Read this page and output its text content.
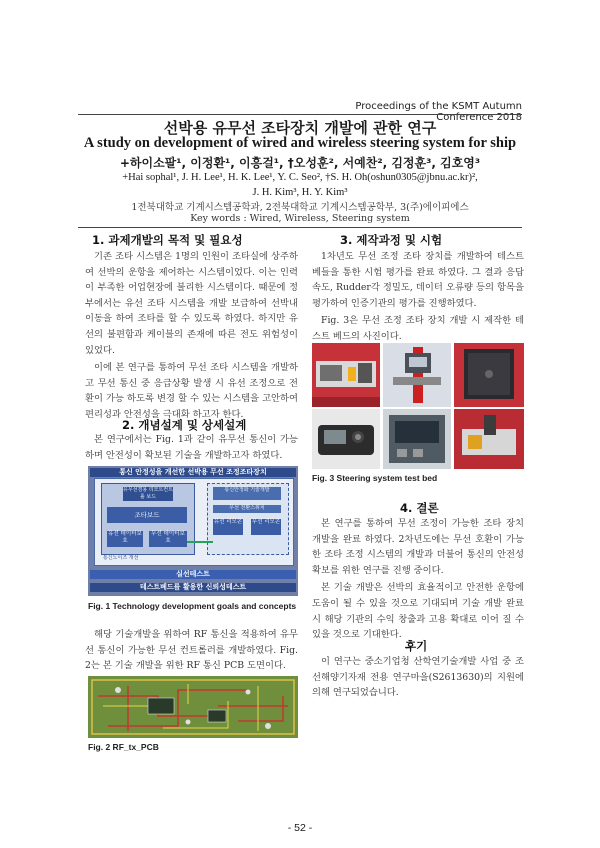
Proceedings of the KSMT Autumn Conference 2018
선박용 유무선 조타장치 개발에 관한 연구
A study on development of wired and wireless steering system for ship
+하이소팔¹, 이정환¹, 이흥걸¹, †오성훈², 서예찬², 김정훈³, 김호영³
+Hai sophal¹, J. H. Lee¹, H. K. Lee¹, Y. C. Seo², †S. H. Oh(oshun0305@jbnu.ac.kr)²,
J. H. Kim³, H. Y. Kim³
1전북대학교 기계시스템공학과, 2전북대학교 기계시스템공학부, 3(주)에이피에스
Key words : Wired, Wireless, Steering system
1. 과제개발의 목적 및 필요성

기존 조타 시스템은 1명의 인원이 조타실에 상주하여 선박의 운항을 제어하는 시스템이었다. 이는 인력이 부족한 어업현장에 불리한 시스템이다. 때문에 정부에서는 유선 조타 시스템을 개발 보급하여 선박내 이동을 하여 조타를 할 수 있도록 하였다. 하지만 유선의 불편함과 케이블의 존재에 따른 전도 위험성이 있었다.

이에 본 연구를 통하여 무선 조타 시스템을 개발하고 무선 통신 중 응급상황 발생 시 유선 조정으로 전환이 가능 하도록 변경 할 수 있는 시스템을 고안하여 편리성과 안전성을 극대화 하고자 한다.

2. 개념설계 및 상세설계

본 연구에서는 Fig. 1과 같이 유무선 통신이 가능하며 안전성이 확보된 기술을 개발하고자 하였다.

통신 안정성을 개선한 선박용 무선 조정조타장치
유무선겸용 리모트컨트롤 보드
조타보드
유선 데이터보호
무선 데이터보호
통신안정화 기술개발
무선 전환스위치
유선 리모콘 무선 리모콘
통신노이즈 개선
실선테스트
테스트베드를 활용한 신뢰성테스트
Fig. 1 Technology development goals and concepts

해당 기술개발을 위하여 RF 통신을 적용하여 유무선 통신이 가능한 무선 컨트롤러를 개발하였다. Fig. 2는 본 기술 개발을 위한 RF 통신 PCB 도면이다.

Fig. 2 RF_tx_PCB
3. 제작과정 및 시험

1차년도 무선 조정 조타 장치를 개발하여 테스트 베들을 통한 시험 평가를 완료 하였다. 그 결과 응답속도, Rudder각 정밀도, 데이터 오류량 등의 항목을 평가하여 인증기관의 평가를 진행하였다.

Fig. 3은 무선 조정 조타 장치 개발 시 제작한 테스트 베드의 사진이다.

Fig. 3 Steering system test bed
4. 결론

본 연구를 통하여 무선 조정이 가능한 조타 장치 개발을 완료 하였다. 2차년도에는 무선 호환이 가능한 조타 조정 시스템의 개발과 더불어 통신의 안전성 확보를 위한 연구를 진행 중이다.

본 기술 개발은 선박의 효율적이고 안전한 운항에 도움이 될 수 있을 것으로 기대되며 기술 개발 완료 시 해당 기관의 수익 창출과 고용 확대로 이어 질 수 있을 것으로 기대한다.

후기

이 연구는 중소기업청 산학연기술개발 사업 중 조선해양기자재 전용 연구마을(S2613630)의 지원에 의해 연구되었습니다.

- 52 -
